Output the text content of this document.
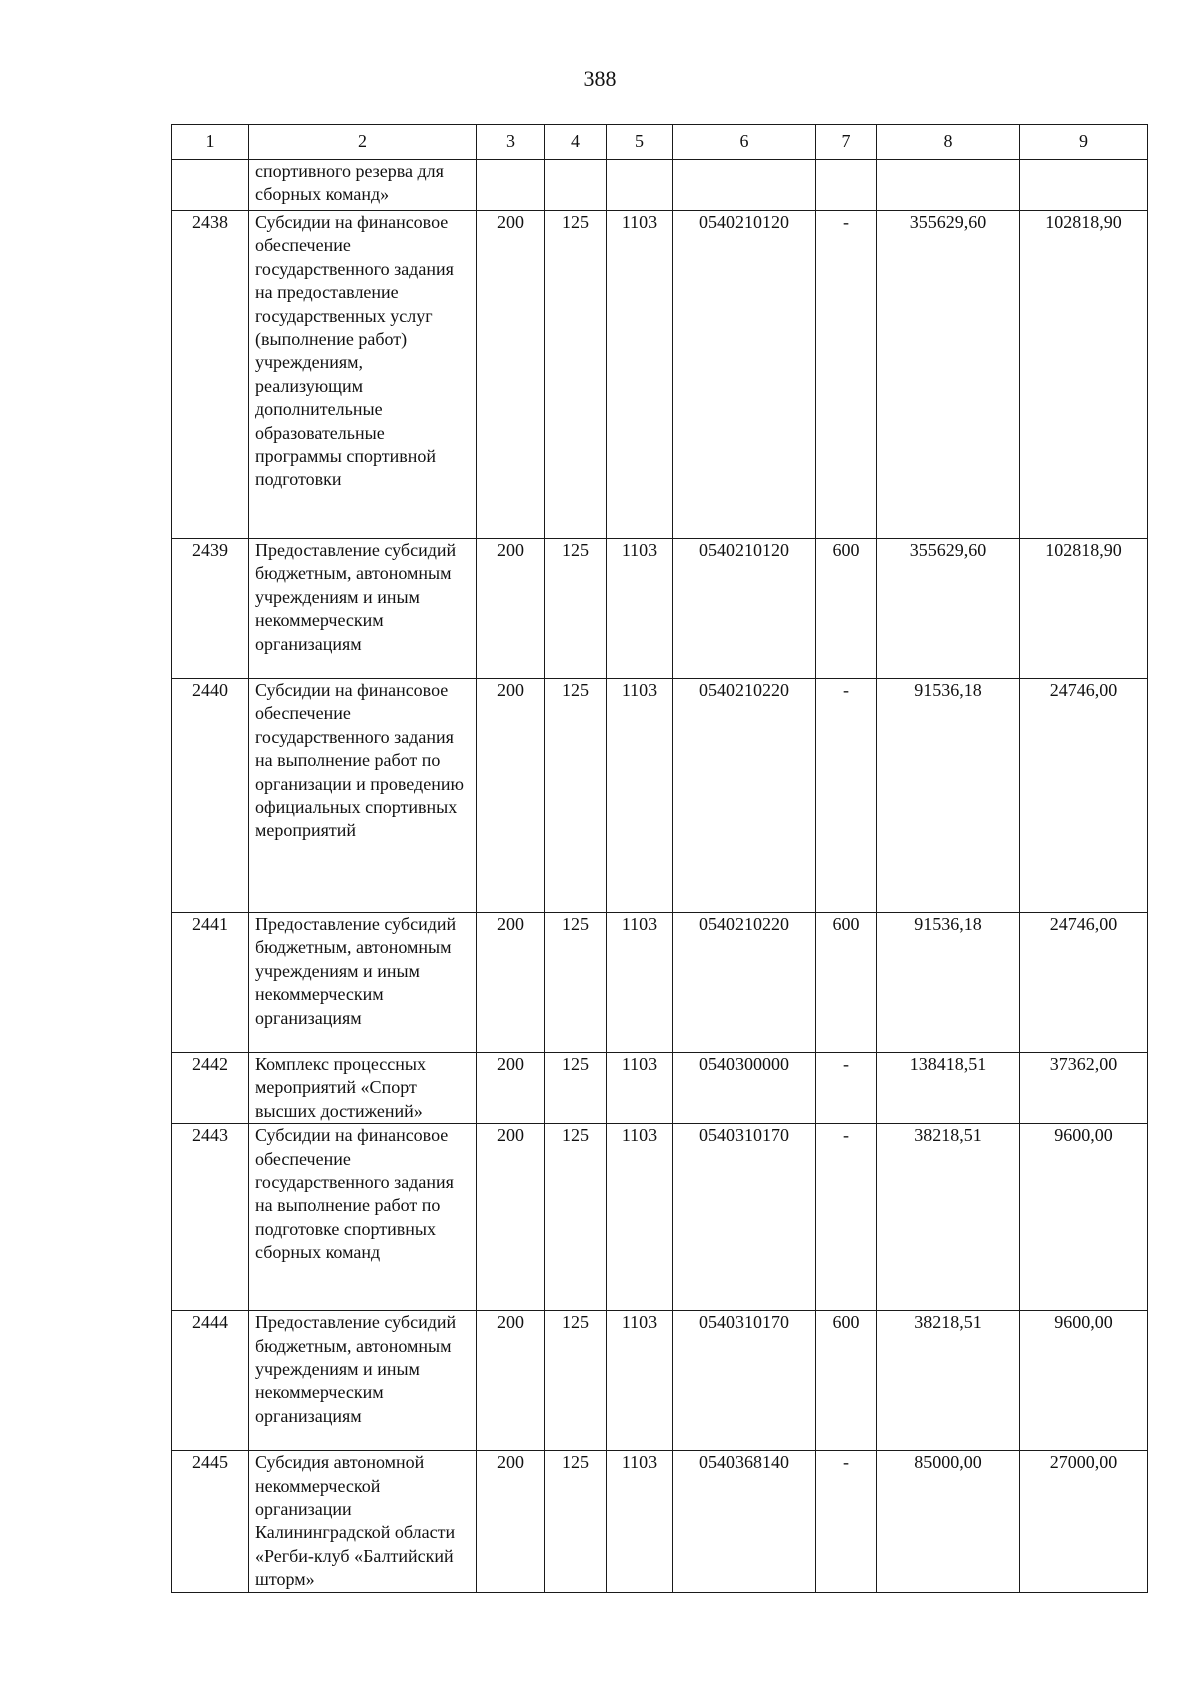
388
1	2	3	4	5	6	7	8	9
	спортивного резерва для сборных команд»							
2438	Субсидии на финансовое обеспечение государственного задания на предоставление государственных услуг (выполнение работ) учреждениям, реализующим дополнительные образовательные программы спортивной подготовки	200	125	1103	0540210120	-	355629,60	102818,90
2439	Предоставление субсидий бюджетным, автономным учреждениям и иным некоммерческим организациям	200	125	1103	0540210120	600	355629,60	102818,90
2440	Субсидии на финансовое обеспечение государственного задания на выполнение работ по организации и проведению официальных спортивных мероприятий	200	125	1103	0540210220	-	91536,18	24746,00
2441	Предоставление субсидий бюджетным, автономным учреждениям и иным некоммерческим организациям	200	125	1103	0540210220	600	91536,18	24746,00
2442	Комплекс процессных мероприятий «Спорт высших достижений»	200	125	1103	0540300000	-	138418,51	37362,00
2443	Субсидии на финансовое обеспечение государственного задания на выполнение работ по подготовке спортивных сборных команд	200	125	1103	0540310170	-	38218,51	9600,00
2444	Предоставление субсидий бюджетным, автономным учреждениям и иным некоммерческим организациям	200	125	1103	0540310170	600	38218,51	9600,00
2445	Субсидия автономной некоммерческой организации Калининградской области «Регби-клуб «Балтийский шторм»	200	125	1103	0540368140	-	85000,00	27000,00
